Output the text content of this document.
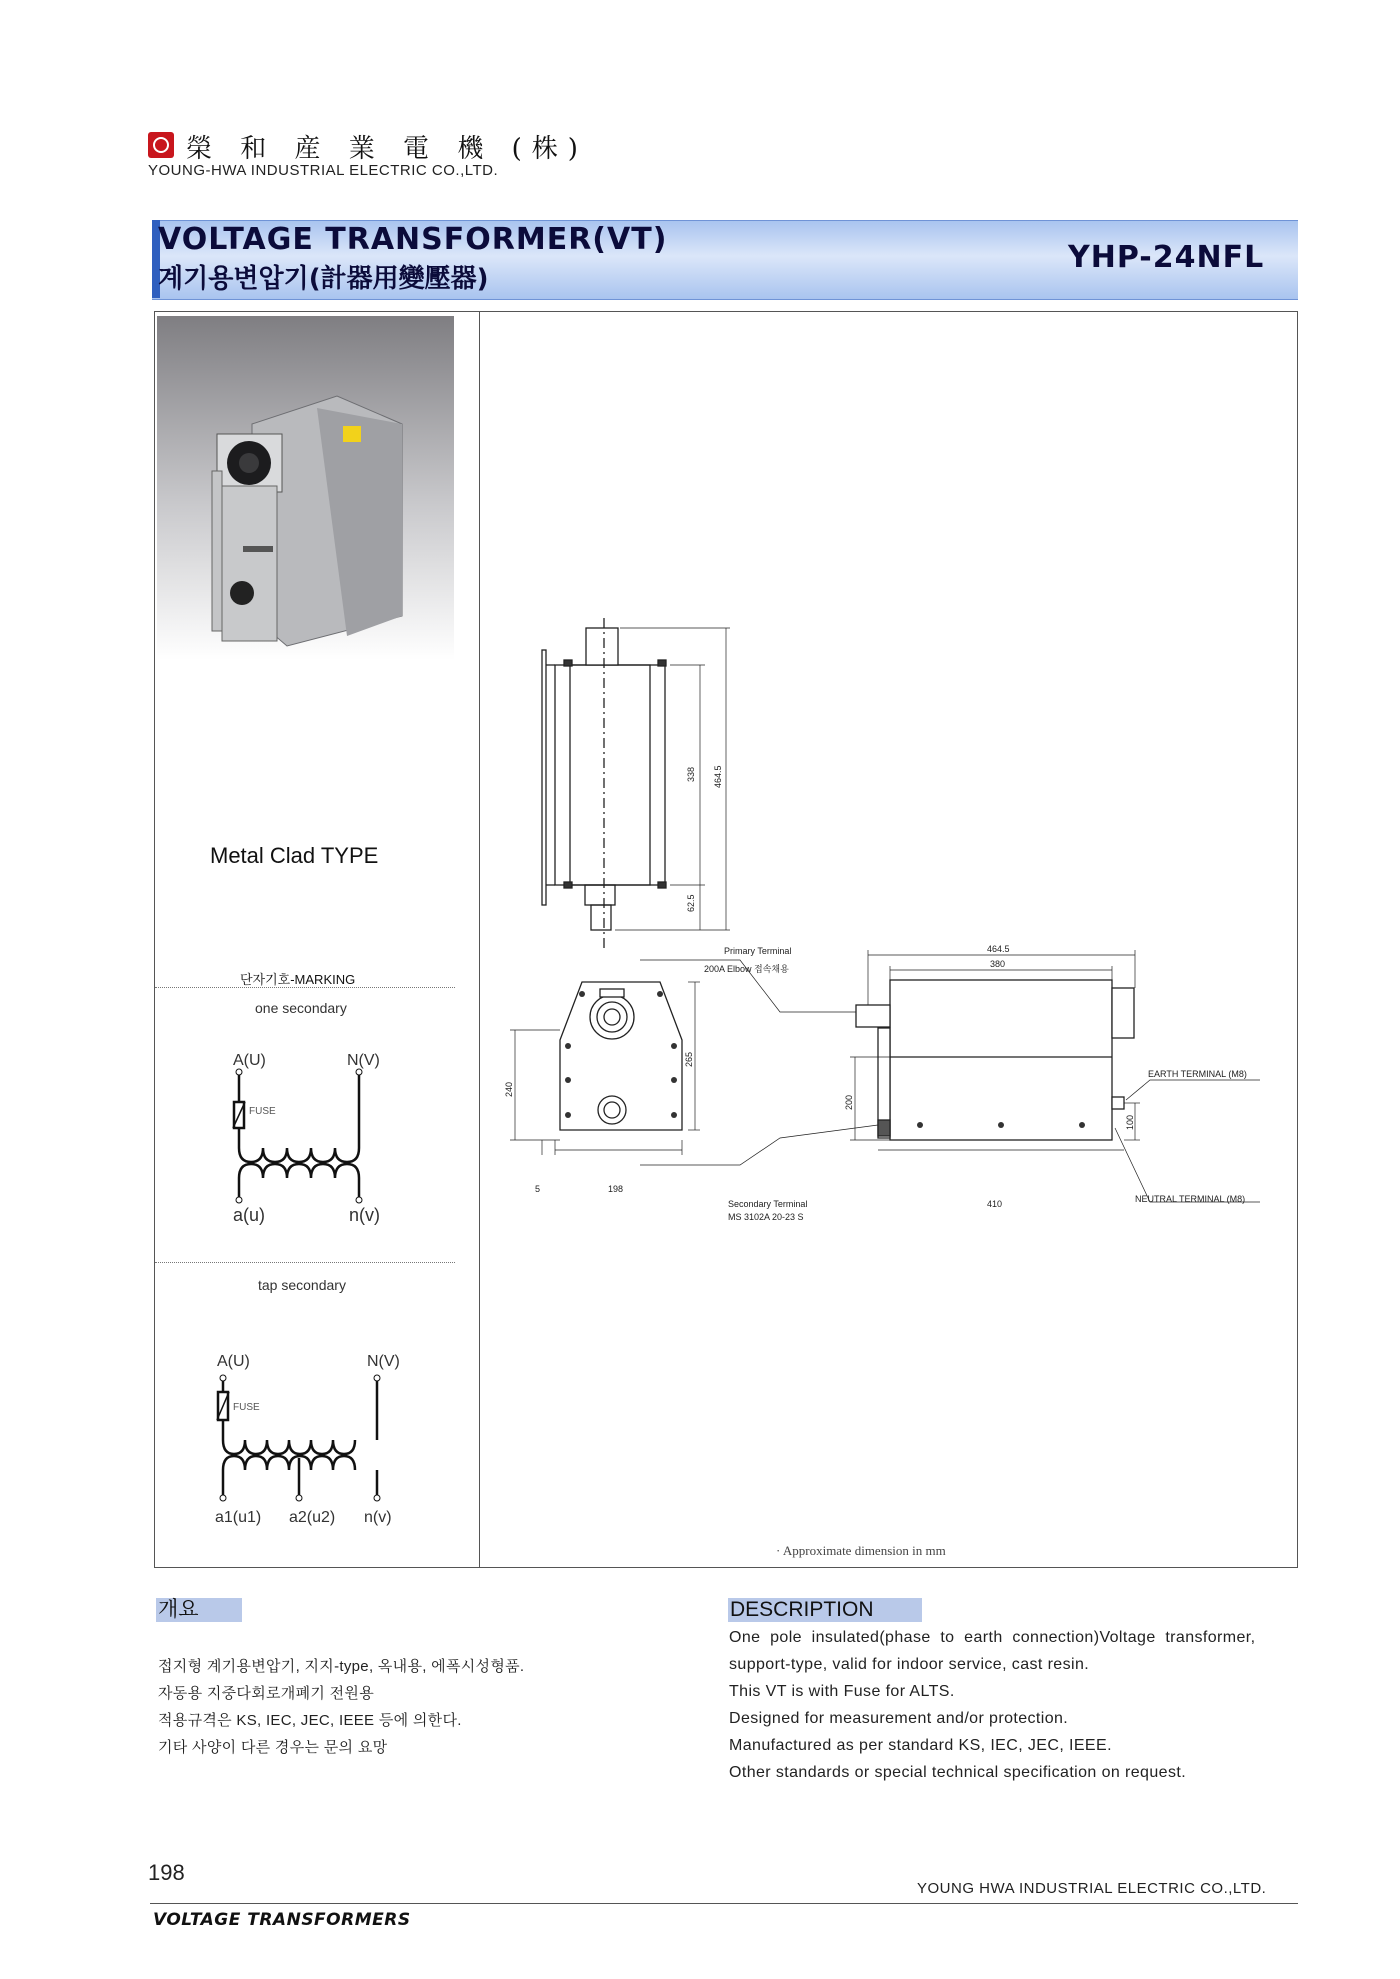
榮 和 産 業 電 機 (株)
YOUNG-HWA INDUSTRIAL ELECTRIC CO.,LTD.
VOLTAGE TRANSFORMER(VT)
계기용변압기(計器用變壓器)
YHP-24NFL
Metal Clad TYPE
단자기호-MARKING
one secondary
A(U)	N(V)
FUSE
a(u)	n(v)
tap secondary
A(U)	N(V)
FUSE
a1(u1) a2(u2) n(v)
338 464.5
62.5
240
265
5	198
464.5
380
200
100
410
Primary Terminal
200A Elbow 접속채용
Secondary Terminal
MS 3102A 20-23 S
EARTH TERMINAL (M8)
NEUTRAL TERMINAL (M8)
· Approximate dimension in mm
개요
접지형 계기용변압기, 지지-type, 옥내용, 에폭시성형품.
자동용 지중다회로개폐기 전원용
적용규격은 KS, IEC, JEC, IEEE 등에 의한다.
기타 사양이 다른 경우는 문의 요망
DESCRIPTION
One  pole  insulated(phase  to  earth  connection)Voltage  transformer,
support-type, valid for indoor service, cast resin.
This VT is with Fuse for ALTS.
Designed for measurement and/or protection.
Manufactured as per standard KS, IEC, JEC, IEEE.
Other standards or special technical specification on request.
198
YOUNG HWA INDUSTRIAL ELECTRIC CO.,LTD.
VOLTAGE TRANSFORMERS
